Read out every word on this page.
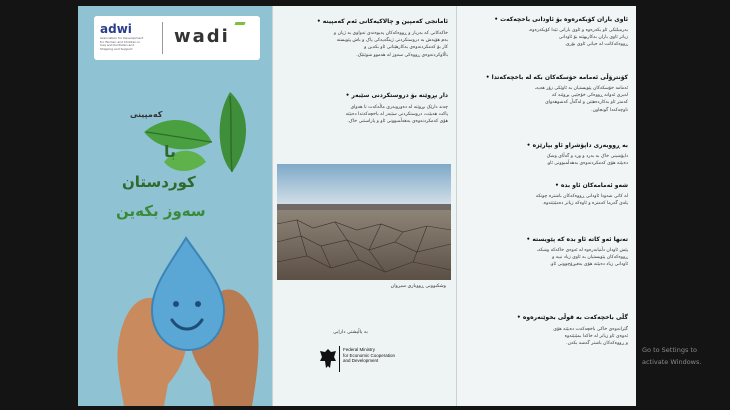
adwi
Association for Development
for Women and Children in
Iraq and Kurdistan and
Shipping and Support
wadi
کەمپینی
با
کوردستان
سەوز بکەین
ئامانجی کەمپین و چالاکیەکانی ئەم کەمپینە •
خاکەکانی کە بەربار و ڕووەکەکان پەیوەندی تەواوی بە ژیان و
بەم هۆیەش بە دروستکردنی ژینگەیەکی پاک و باش پێویستە
کار بۆ کەمکردنەوەی بەکارهێنانی ئاو بکەین و
باڵاوکردنەوەی ڕووەکی سەوز لە هەموو شوێنێک.
دار بڕوێنە بۆ دروستکردنی سێبەر •
چەند دارێک بڕوێنە لە دەوروبەری ماڵەکەت تا هەوای
پاکت هەبێت، دروستکردنی سێبەر لە باخچەکەتدا دەبێتە
هۆی کەمکردنەوەی بەهەڵمبوونی ئاو و پاراستنی خاک.
وشکبوونی ڕووباری سیروان
بە پاڵپشتی دارایی
Federal Ministry
for Economic Cooperation
and Development
ئاوی باران کۆبکەرەوە بۆ ئاودانی باخچەکەت •
بەرمیلێکی ئاو بکەرەوە و ئاوی بارانی تێدا کۆبکەرەوە،
زیاتر ئاوی باران بەکاربهێنە بۆ ئاودانی
ڕووەکەکانت لە جیاتی ئاوی بۆری.
کۆنترۆڵی ئەمامە خۆسکەکان بکە لە باخچەکەتدا •
ئەمامە خۆسکەکان پێویستیان بە ئاوێکی زۆر هەیە،
لەبری ئەوانە ڕووەکی خۆجێیی بڕوێنە کە
کەمتر ئاو بەکاردەهێنن و لەگەڵ کەشوهەوای
ناوچەکەدا گونجاون.
بە ڕووبەری داپۆشراو ئاو بپارێزە •
داپۆشینی خاک بە بەرد و ورد و گەڵای وشک
دەبێتە هۆی کەمکردنەوەی بەهەڵمبوونی ئاو.
شەو ئەمامەکان ئاو بدە •
لە کاتی شەودا ئاودانی ڕووەکەکان باشترە چونکە
پلەی گەرما کەمترە و ئاوەکە زیاتر دەمێنێتەوە.
تەنها ئەو کاتە ئاو بدە کە پێویستە •
پێش ئاودان دڵنیابەرەوە لە ئەوەی خاکەکە وشکە،
ڕووەکەکان پێویستیان بە ئاوی زیاد نییە و
ئاودانی زیاد دەبێتە هۆی بەفیڕۆچوونی ئاو.
گڵی باخچەکەت بە قوڵی بخوێنەرەوە •
گێرانەوەی خاکی باخچەکەت دەبێتە هۆی
ئەوەی ئاو زیاتر لە خاکدا بمێنێتەوە
و ڕووەکەکان باشتر گەشە بکەن.
Go to Settings to
activate Windows.
